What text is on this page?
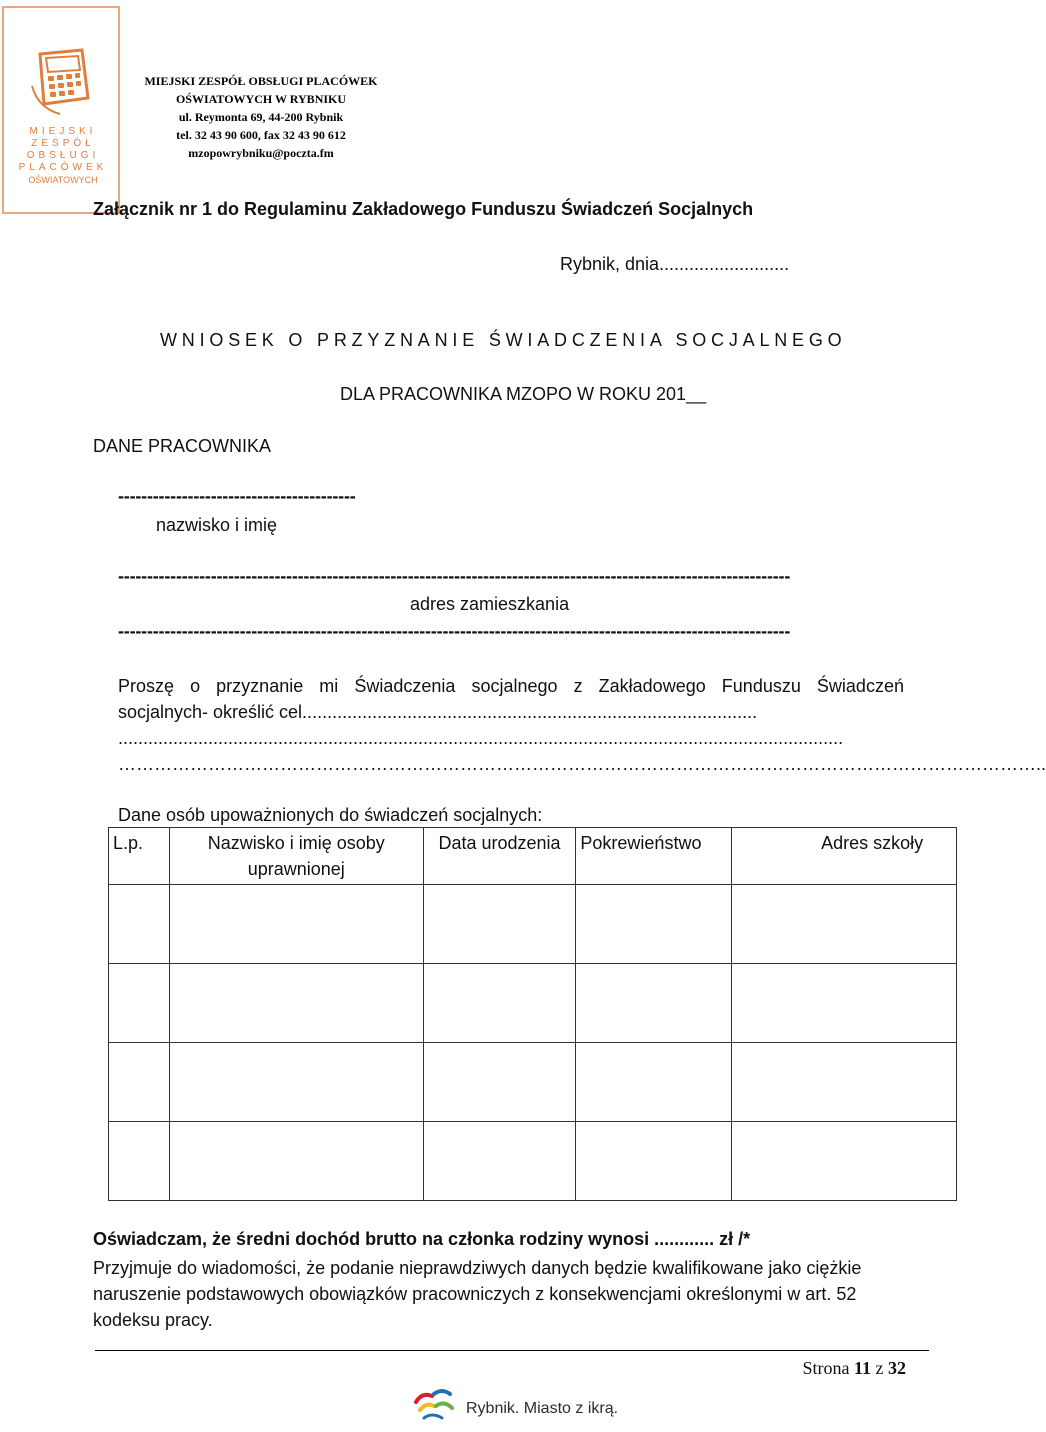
MIEJSKI
ZESPÓŁ
OBSŁUGI
PLACÓWEK
OŚWIATOWYCH
MIEJSKI ZESPÓŁ OBSŁUGI PLACÓWEK
OŚWIATOWYCH W RYBNIKU
ul. Reymonta 69, 44-200 Rybnik
tel. 32 43 90 600, fax 32 43 90 612
mzopowrybniku@poczta.fm
Załącznik nr 1 do Regulaminu Zakładowego Funduszu Świadczeń Socjalnych
Rybnik, dnia..........................
WNIOSEK O PRZYZNANIE ŚWIADCZENIA SOCJALNEGO
DLA PRACOWNIKA MZOPO W ROKU 201__
DANE PRACOWNIKA
-----------------------------------------
nazwisko i imię
--------------------------------------------------------------------------------------------------------------------
adres zamieszkania
--------------------------------------------------------------------------------------------------------------------
Proszę o przyznanie mi Świadczenia socjalnego z Zakładowego Funduszu Świadczeń
socjalnych- określić cel...........................................................................................
.................................................................................................................................................
………………………………………………………………………………………………………………………………………..
Dane osób upoważnionych do świadczeń socjalnych:
L.p.	Nazwisko i imię osoby uprawnionej	Data urodzenia	Pokrewieństwo	Adres szkoły

Oświadczam, że średni dochód brutto na członka rodziny wynosi ............ zł /*
Przyjmuje do wiadomości, że podanie nieprawdziwych danych będzie kwalifikowane jako ciężkie naruszenie podstawowych obowiązków pracowniczych z konsekwencjami określonymi w art. 52 kodeksu pracy.
Strona 11 z 32
Rybnik. Miasto z ikrą.
